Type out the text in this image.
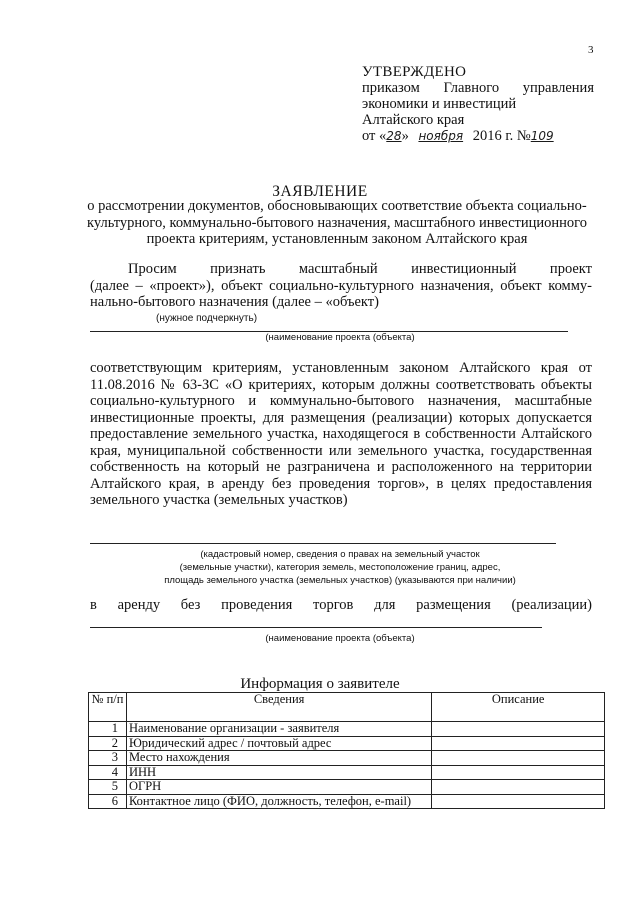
3
УТВЕРЖДЕНО
приказом Главного управления
экономики и инвестиций
Алтайского края
от «28» ноября 2016 г. №109
ЗАЯВЛЕНИЕ
о рассмотрении документов, обосновывающих соответствие объекта социально-культурного, коммунально-бытового назначения, масштабного инвестиционного проекта критериям, установленным законом Алтайского края
Просим признать масштабный инвестиционный проект
(далее – «проект»), объект социально-культурного назначения, объект комму-
нально-бытового назначения (далее – «объект)
(нужное подчеркнуть)
(наименование проекта (объекта)
соответствующим критериям, установленным законом Алтайского края от 11.08.2016 № 63-ЗС «О критериях, которым должны соответствовать объекты социально-культурного и коммунально-бытового назначения, масштабные инвестиционные проекты, для размещения (реализации) которых допускается предоставление земельного участка, находящегося в собственности Алтайского края, муниципальной собственности или земельного участка, государственная собственность на который не разграничена и расположенного на территории Алтайского края, в аренду без проведения торгов», в целях предоставления земельного участка (земельных участков)
(кадастровый номер, сведения о правах на земельный участок
(земельные участки), категория земель, местоположение границ, адрес,
площадь земельного участка (земельных участков) (указываются при наличии)
в аренду без проведения торгов для размещения (реализации)
(наименование проекта (объекта)
Информация о заявителе
№ п/п	Сведения	Описание
1	Наименование организации - заявителя	
2	Юридический адрес / почтовый адрес	
3	Место нахождения	
4	ИНН	
5	ОГРН	
6	Контактное лицо (ФИО, должность, телефон, e-mail)	
